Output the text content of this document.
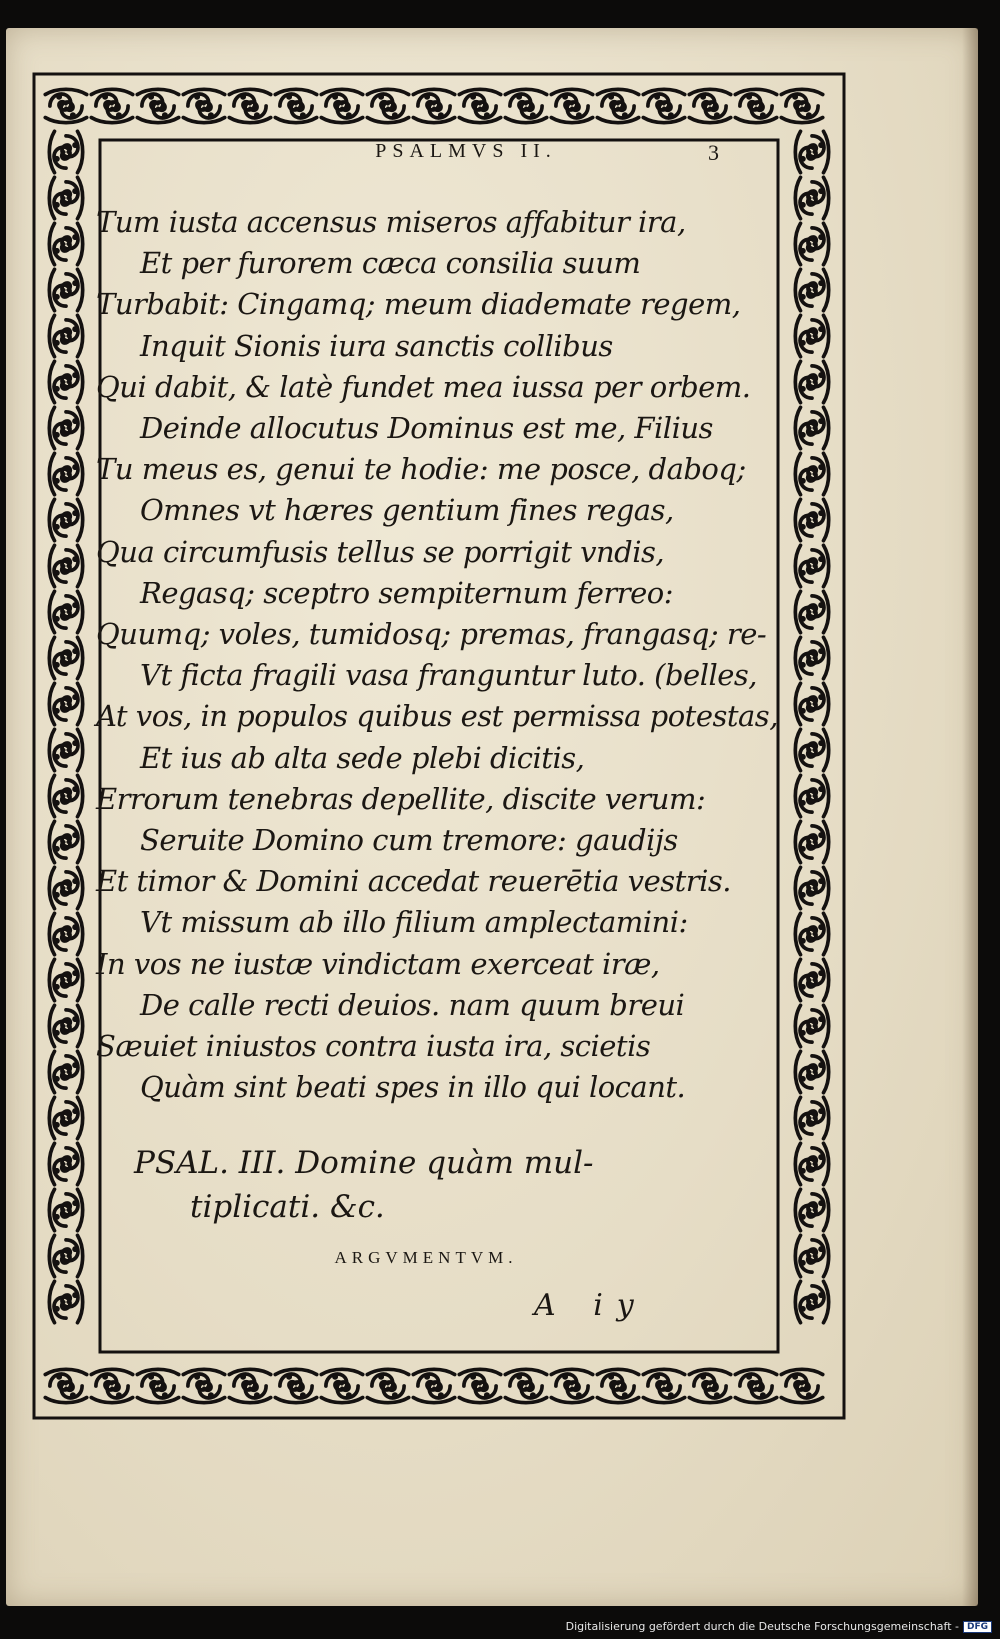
PSALMVS II.	3
Tum iusta accensus miseros affabitur ira,
Et per furorem cæca consilia suum
Turbabit: Cingamq; meum diademate regem,
Inquit Sionis iura sanctis collibus
Qui dabit, & latè fundet mea iussa per orbem.
Deinde allocutus Dominus est me, Filius
Tu meus es, genui te hodie: me posce, daboq;
Omnes vt hæres gentium fines regas,
Qua circumfusis tellus se porrigit vndis,
Regasq; sceptro sempiternum ferreo:
Quumq; voles, tumidosq; premas, frangasq; re-
Vt ficta fragili vasa franguntur luto. (belles,
At vos, in populos quibus est permissa potestas,
Et ius ab alta sede plebi dicitis,
Errorum tenebras depellite, discite verum:
Seruite Domino cum tremore: gaudijs
Et timor & Domini accedat reuerētia vestris.
Vt missum ab illo filium amplectamini:
In vos ne iustæ vindictam exerceat iræ,
De calle recti deuios. nam quum breui
Sæuiet iniustos contra iusta ira, scietis
Quàm sint beati spes in illo qui locant.
PSAL. III. Domine quàm mul-
tiplicati. &c.
ARGVMENTVM.
A iy
Digitalisierung gefördert durch die Deutsche Forschungsgemeinschaft - DFG
